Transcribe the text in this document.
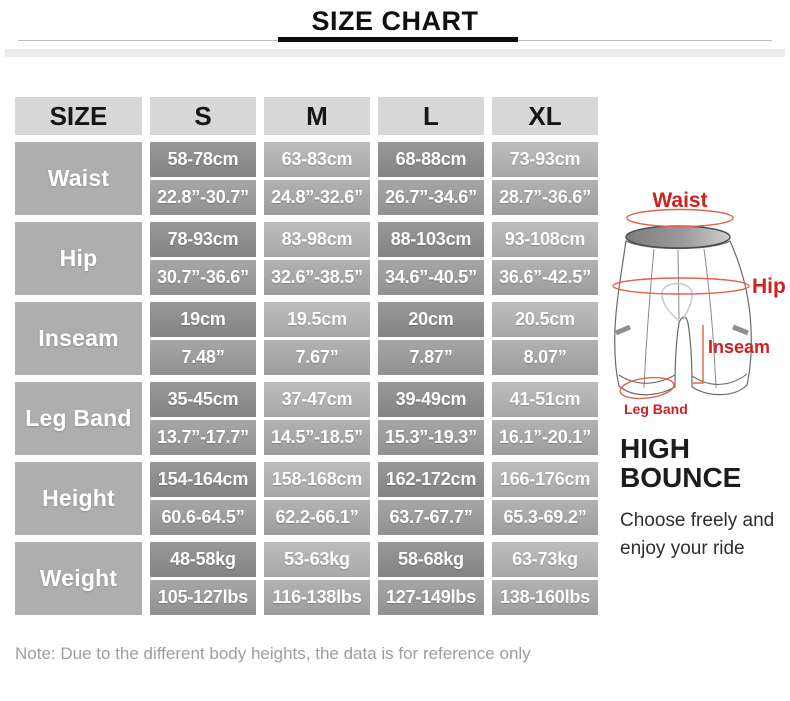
SIZE CHART
SIZE	S	M	L	XL
Waist
58-78cm	63-83cm	68-88cm	73-93cm
22.8”-30.7”	24.8”-32.6”	26.7”-34.6”	28.7”-36.6”
Hip
78-93cm	83-98cm	88-103cm	93-108cm
30.7”-36.6”	32.6”-38.5”	34.6”-40.5”	36.6”-42.5”
Inseam
19cm	19.5cm	20cm	20.5cm
7.48”	7.67”	7.87”	8.07”
Leg Band
35-45cm	37-47cm	39-49cm	41-51cm
13.7”-17.7”	14.5”-18.5”	15.3”-19.3”	16.1”-20.1”
Height
154-164cm	158-168cm	162-172cm	166-176cm
60.6-64.5”	62.2-66.1”	63.7-67.7”	65.3-69.2”
Weight
48-58kg	53-63kg	58-68kg	63-73kg
105-127lbs	116-138lbs	127-149lbs	138-160lbs
Waist
Hip
Inseam
Leg Band
HIGH
BOUNCE

Choose freely and
enjoy your ride

Note: Due to the different body heights, the data is for reference only
